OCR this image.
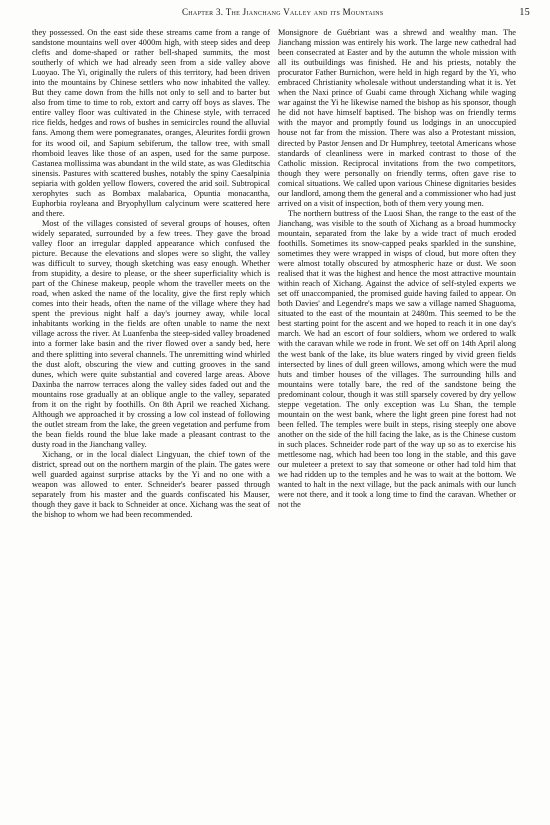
Chapter 3. The Jianchang Valley and its Mountains	15

they possessed. On the east side these streams came from a range of sandstone mountains well over 4000m high, with steep sides and deep clefts and dome-shaped or rather bell-shaped summits, the most southerly of which we had already seen from a side valley above Luoyao. The Yi, originally the rulers of this territory, had been driven into the mountains by Chinese settlers who now inhabited the valley. But they came down from the hills not only to sell and to barter but also from time to time to rob, extort and carry off boys as slaves. The entire valley floor was cultivated in the Chinese style, with terraced rice fields, hedges and rows of bushes in semicircles round the alluvial fans. Among them were pomegranates, oranges, Aleurites fordii grown for its wood oil, and Sapium sebiferum, the tallow tree, with small rhomboid leaves like those of an aspen, used for the same purpose. Castanea mollissima was abundant in the wild state, as was Gleditschia sinensis. Pastures with scattered bushes, notably the spiny Caesalpinia sepiaria with golden yellow flowers, covered the arid soil. Subtropical xerophytes such as Bombax malabarica, Opuntia monacantha, Euphorbia royleana and Bryophyllum calycinum were scattered here and there.

Most of the villages consisted of several groups of houses, often widely separated, surrounded by a few trees. They gave the broad valley floor an irregular dappled appearance which confused the picture. Because the elevations and slopes were so slight, the valley was difficult to survey, though sketching was easy enough. Whether from stupidity, a desire to please, or the sheer superficiality which is part of the Chinese makeup, people whom the traveller meets on the road, when asked the name of the locality, give the first reply which comes into their heads, often the name of the village where they had spent the previous night half a day's journey away, while local inhabitants working in the fields are often unable to name the next village across the river. At Luanfenba the steep-sided valley broadened into a former lake basin and the river flowed over a sandy bed, here and there splitting into several channels. The unremitting wind whirled the dust aloft, obscuring the view and cutting grooves in the sand dunes, which were quite substantial and covered large areas. Above Daxinba the narrow terraces along the valley sides faded out and the mountains rose gradually at an oblique angle to the valley, separated from it on the right by foothills. On 8th April we reached Xichang. Although we approached it by crossing a low col instead of following the outlet stream from the lake, the green vegetation and perfume from the bean fields round the blue lake made a pleasant contrast to the dusty road in the Jianchang valley.

Xichang, or in the local dialect Lingyuan, the chief town of the district, spread out on the northern margin of the plain. The gates were well guarded against surprise attacks by the Yi and no one with a weapon was allowed to enter. Schneider's bearer passed through separately from his master and the guards confiscated his Mauser, though they gave it back to Schneider at once. Xichang was the seat of the bishop to whom we had been recommended.

Monsignore de Guébriant was a shrewd and wealthy man. The Jianchang mission was entirely his work. The large new cathedral had been consecrated at Easter and by the autumn the whole mission with all its outbuildings was finished. He and his priests, notably the procurator Father Burnichon, were held in high regard by the Yi, who embraced Christianity wholesale without understanding what it is. Yet when the Naxi prince of Guabi came through Xichang while waging war against the Yi he likewise named the bishop as his sponsor, though he did not have himself baptised. The bishop was on friendly terms with the mayor and promptly found us lodgings in an unoccupied house not far from the mission. There was also a Protestant mission, directed by Pastor Jensen and Dr Humphrey, teetotal Americans whose standards of cleanliness were in marked contrast to those of the Catholic mission. Reciprocal invitations from the two competitors, though they were personally on friendly terms, often gave rise to comical situations. We called upon various Chinese dignitaries besides our landlord, among them the general and a commissioner who had just arrived on a visit of inspection, both of them very young men.

The northern buttress of the Luosi Shan, the range to the east of the Jianchang, was visible to the south of Xichang as a broad hummocky mountain, separated from the lake by a wide tract of much eroded foothills. Sometimes its snow-capped peaks sparkled in the sunshine, sometimes they were wrapped in wisps of cloud, but more often they were almost totally obscured by atmospheric haze or dust. We soon realised that it was the highest and hence the most attractive mountain within reach of Xichang. Against the advice of self-styled experts we set off unaccompanied, the promised guide having failed to appear. On both Davies' and Legendre's maps we saw a village named Shaguoma, situated to the east of the mountain at 2480m. This seemed to be the best starting point for the ascent and we hoped to reach it in one day's march. We had an escort of four soldiers, whom we ordered to walk with the caravan while we rode in front. We set off on 14th April along the west bank of the lake, its blue waters ringed by vivid green fields intersected by lines of dull green willows, among which were the mud huts and timber houses of the villages. The surrounding hills and mountains were totally bare, the red of the sandstone being the predominant colour, though it was still sparsely covered by dry yellow steppe vegetation. The only exception was Lu Shan, the temple mountain on the west bank, where the light green pine forest had not been felled. The temples were built in steps, rising steeply one above another on the side of the hill facing the lake, as is the Chinese custom in such places. Schneider rode part of the way up so as to exercise his mettlesome nag, which had been too long in the stable, and this gave our muleteer a pretext to say that someone or other had told him that we had ridden up to the temples and he was to wait at the bottom. We wanted to halt in the next village, but the pack animals with our lunch were not there, and it took a long time to find the caravan. Whether or not the
